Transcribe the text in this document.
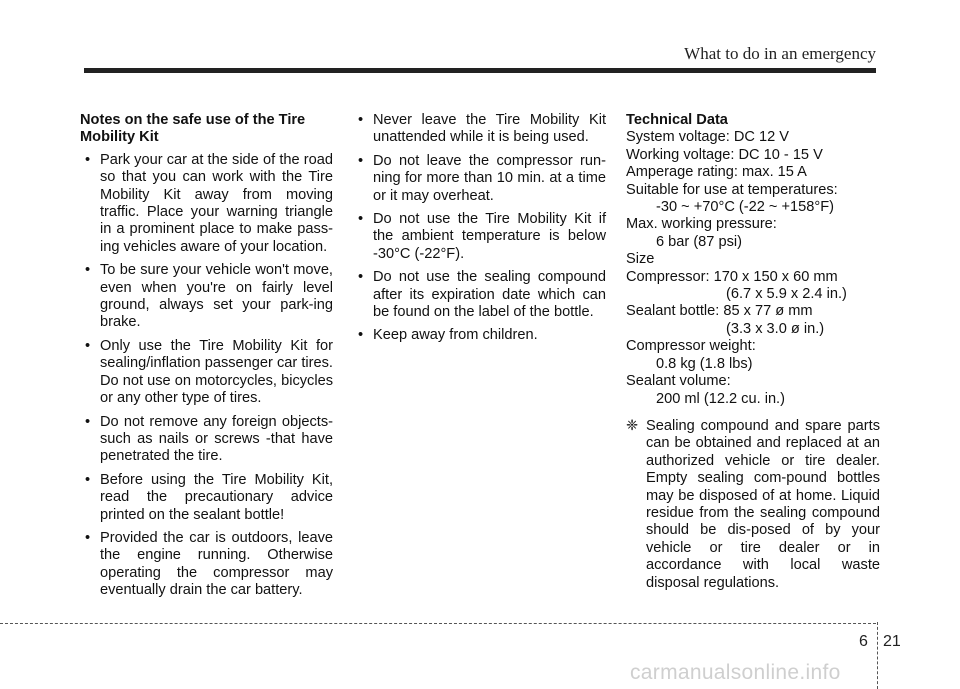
What to do in an emergency
Notes on the safe use of the Tire Mobility Kit
• Park your car at the side of the road so that you can work with the Tire Mobility Kit away from moving traffic. Place your warning triangle in a prominent place to make pass-ing vehicles aware of your location.
• To be sure your vehicle won't move, even when you're on fairly level ground, always set your park-ing brake.
• Only use the Tire Mobility Kit for sealing/inflation passenger car tires. Do not use on motorcycles, bicycles or any other type of tires.
• Do not remove any foreign objects- such as nails or screws -that have penetrated the tire.
• Before using the Tire Mobility Kit, read the precautionary advice printed on the sealant bottle!
• Provided the car is outdoors, leave the engine running. Otherwise operating the compressor may eventually drain the car battery.
• Never leave the Tire Mobility Kit unattended while it is being used.
• Do not leave the compressor run-ning for more than 10 min. at a time or it may overheat.
• Do not use the Tire Mobility Kit if the ambient temperature is below -30°C (-22°F).
• Do not use the sealing compound after its expiration date which can be found on the label of the bottle.
• Keep away from children.
Technical Data
System voltage: DC 12 V
Working voltage: DC 10 - 15 V
Amperage rating: max. 15 A
Suitable for use at temperatures:
-30 ~ +70°C (-22 ~ +158°F)
Max. working pressure:
6 bar (87 psi)
Size
Compressor: 170 x 150 x 60 mm
(6.7 x 5.9 x 2.4 in.)
Sealant bottle: 85 x 77 ø mm
(3.3 x 3.0 ø in.)
Compressor weight:
0.8 kg (1.8 lbs)
Sealant volume:
200 ml (12.2 cu. in.)
❈ Sealing compound and spare parts can be obtained and replaced at an authorized vehicle or tire dealer. Empty sealing com-pound bottles may be disposed of at home. Liquid residue from the sealing compound should be dis-posed of by your vehicle or tire dealer or in accordance with local waste disposal regulations.
6 21
carmanualsonline.info
